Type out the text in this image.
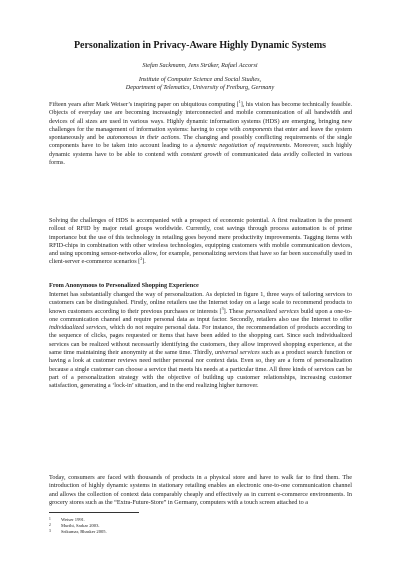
Personalization in Privacy-Aware Highly Dynamic Systems

Stefan Sackmann, Jens Strüker, Rafael Accorsi

Institute of Computer Science and Social Studies,
Department of Telematics, University of Freiburg, Germany

Fifteen years after Mark Weiser’s inspiring paper on ubiquitous computing [$^1$], his vision has become technically feasible. Objects of everyday use are becoming increasingly interconnected and mobile communication of all bandwidth and devices of all sizes are used in various ways. Highly dynamic information systems (HDS) are emerging, bringing new challenges for the management of information systems: having to cope with components that enter and leave the system spontaneously and be autonomous in their actions. The changing and possibly conflicting requirements of the single components have to be taken into account leading to a dynamic negotiation of requirements. Moreover, such highly dynamic systems have to be able to contend with constant growth of communicated data avidly collected in various forms.

Solving the challenges of HDS is accompanied with a prospect of economic potential. A first realization is the present rollout of RFID by major retail groups worldwide. Currently, cost savings through process automation is of prime importance but the use of this technology in retailing goes beyond mere productivity improvements. Tagging items with RFID-chips in combination with other wireless technologies, equipping customers with mobile communication devices, and using upcoming sensor-networks allow, for example, personalizing services that have so far been successfully used in client-server e-commerce scenarios [$^2$].

From Anonymous to Personalized Shopping Experience

Internet has substantially changed the way of personalization. As depicted in figure 1, three ways of tailoring services to customers can be distinguished. Firstly, online retailers use the Internet today on a large scale to recommend products to known customers according to their previous purchases or interests [$^3$]. These personalized services build upon a one-to-one communication channel and require personal data as input factor. Secondly, retailers also use the Internet to offer individualized services, which do not require personal data. For instance, the recommendation of products according to the sequence of clicks, pages requested or items that have been added to the shopping cart. Since such individualized services can be realized without necessarily identifying the customers, they allow improved shopping experience, at the same time maintaining their anonymity at the same time. Thirdly, universal services such as a product search function or having a look at customer reviews need neither personal nor context data. Even so, they are a form of personalization because a single customer can choose a service that meets his needs at a particular time. All three kinds of services can be part of a personalization strategy with the objective of building up customer relationships, increasing customer satisfaction, generating a ‘lock-in’ situation, and in the end realizing higher turnover.

Today, consumers are faced with thousands of products in a physical store and have to walk far to find them. The introduction of highly dynamic systems in stationary retailing enables an electronic one-to-one communication channel and allows the collection of context data comparably cheaply and effectively as in current e-commerce environments. In grocery stores such as the “Extra-Future-Store” in Germany, computers with a touch screen attached to a

1 Weiser 1991.
2 Murthi, Sarkar 2003.
3 Srikumar, Bhasker 2005.
